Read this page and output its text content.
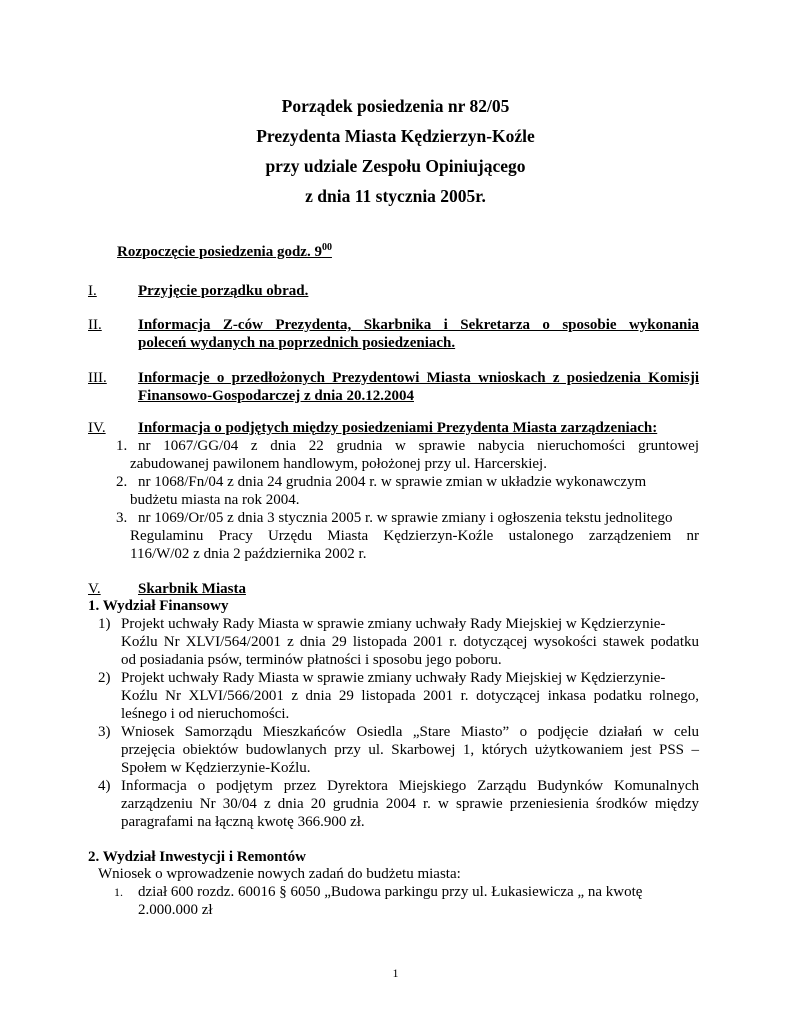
Porządek posiedzenia nr 82/05
Prezydenta Miasta Kędzierzyn-Koźle
przy udziale Zespołu Opiniującego
z dnia 11 stycznia 2005r.
Rozpoczęcie posiedzenia godz. $9^{00}$
I.	Przyjęcie porządku obrad.
II. Informacja Z-ców Prezydenta, Skarbnika i Sekretarza o sposobie wykonania
poleceń wydanych na poprzednich posiedzeniach.
III. Informacje o przedłożonych Prezydentowi Miasta wnioskach z posiedzenia Komisji
Finansowo-Gospodarczej z dnia 20.12.2004
IV. Informacja o podjętych między posiedzeniami Prezydenta Miasta zarządzeniach:
1. nr 1067/GG/04 z dnia 22 grudnia w sprawie nabycia nieruchomości gruntowej
zabudowanej pawilonem handlowym, położonej przy ul. Harcerskiej.
2. nr 1068/Fn/04 z dnia 24 grudnia 2004 r. w sprawie zmian w układzie wykonawczym
budżetu miasta na rok 2004.
3. nr 1069/Or/05 z dnia 3 stycznia 2005 r. w sprawie zmiany i ogłoszenia tekstu jednolitego
Regulaminu Pracy Urzędu Miasta Kędzierzyn-Koźle ustalonego zarządzeniem nr
116/W/02 z dnia 2 października 2002 r.
V. Skarbnik Miasta
1. Wydział Finansowy
1) Projekt uchwały Rady Miasta w sprawie zmiany uchwały Rady Miejskiej w Kędzierzynie-
Koźlu Nr XLVI/564/2001 z dnia 29 listopada 2001 r. dotyczącej wysokości stawek podatku
od posiadania psów, terminów płatności i sposobu jego poboru.
2) Projekt uchwały Rady Miasta w sprawie zmiany uchwały Rady Miejskiej w Kędzierzynie-
Koźlu Nr XLVI/566/2001 z dnia 29 listopada 2001 r. dotyczącej inkasa podatku rolnego,
leśnego i od nieruchomości.
3) Wniosek Samorządu Mieszkańców Osiedla „Stare Miasto” o podjęcie działań w celu
przejęcia obiektów budowlanych przy ul. Skarbowej 1, których użytkowaniem jest PSS –
Społem w Kędzierzynie-Koźlu.
4) Informacja o podjętym przez Dyrektora Miejskiego Zarządu Budynków Komunalnych
zarządzeniu Nr 30/04 z dnia 20 grudnia 2004 r. w sprawie przeniesienia środków między
paragrafami na łączną kwotę 366.900 zł.
2. Wydział Inwestycji i Remontów
Wniosek o wprowadzenie nowych zadań do budżetu miasta:
1. dział 600 rozdz. 60016 § 6050 „Budowa parkingu przy ul. Łukasiewicza „ na kwotę
2.000.000 zł
1
